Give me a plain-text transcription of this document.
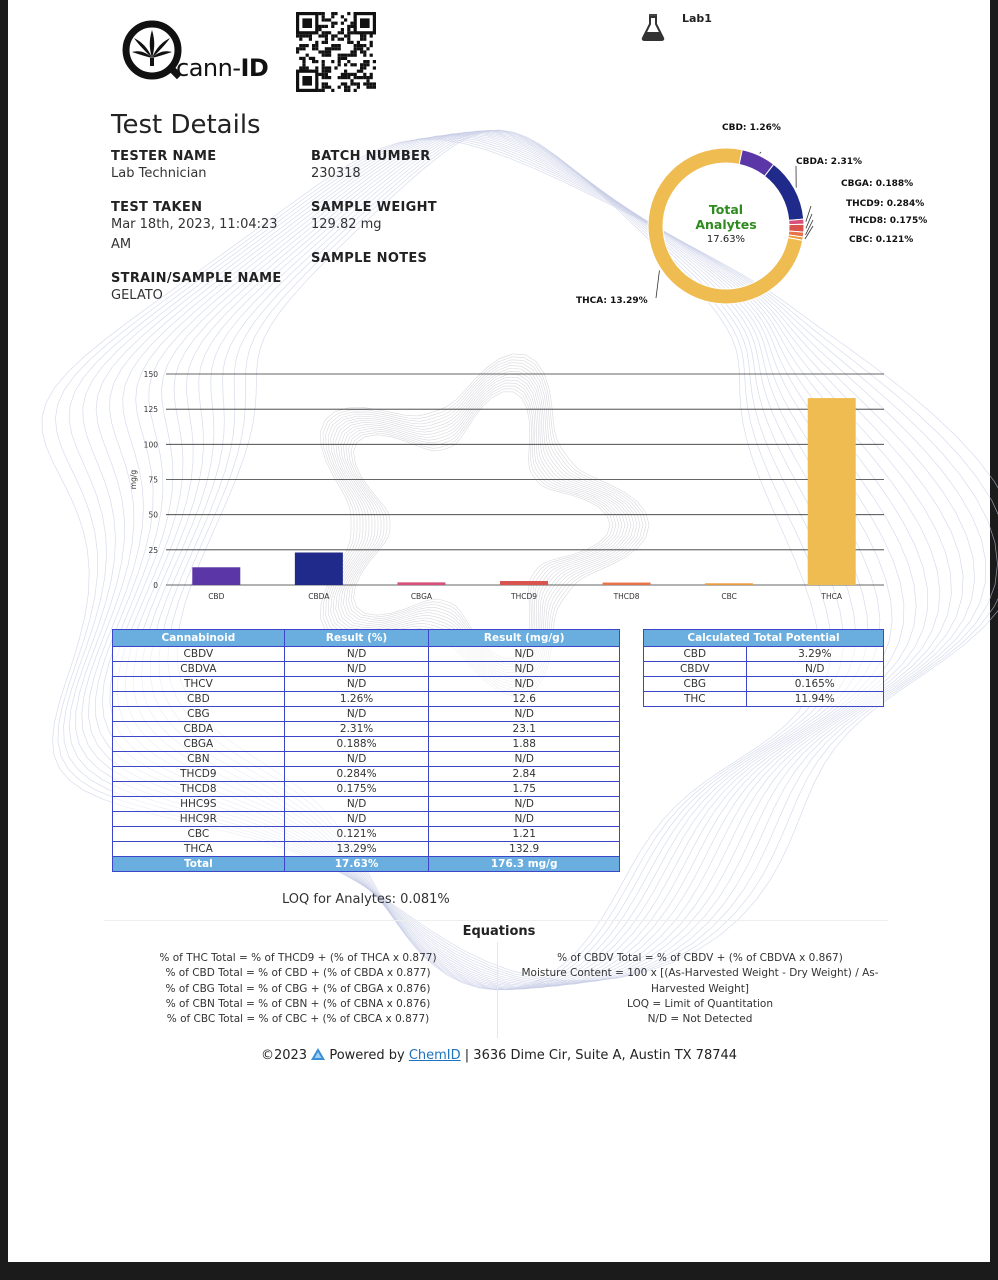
cann-ID
Lab1
Test Details
TESTER NAME
Lab Technician
BATCH NUMBER
230318
TEST TAKEN
Mar 18th, 2023, 11:04:23 AM
SAMPLE WEIGHT
129.82 mg
STRAIN/SAMPLE NAME
GELATO
SAMPLE NOTES
Total Analytes
17.63%
CBD: 1.26%
CBDA: 2.31%
CBGA: 0.188%
THCD9: 0.284%
THCD8: 0.175%
CBC: 0.121%
THCA: 13.29%
0
25
50
75
100
125
150
mg/g
CBD	CBDA	CBGA	THCD9	THCD8	CBC	THCA
Cannabinoid	Result (%)	Result (mg/g)
CBDV	N/D	N/D
CBDVA	N/D	N/D
THCV	N/D	N/D
CBD	1.26%	12.6
CBG	N/D	N/D
CBDA	2.31%	23.1
CBGA	0.188%	1.88
CBN	N/D	N/D
THCD9	0.284%	2.84
THCD8	0.175%	1.75
HHC9S	N/D	N/D
HHC9R	N/D	N/D
CBC	0.121%	1.21
THCA	13.29%	132.9
Total	17.63%	176.3 mg/g
Calculated Total Potential	
CBD	3.29%
CBDV	N/D
CBG	0.165%
THC	11.94%
LOQ for Analytes: 0.081%
Equations
% of THC Total = % of THCD9 + (% of THCA x 0.877)
% of CBD Total = % of CBD + (% of CBDA x 0.877)
% of CBG Total = % of CBG + (% of CBGA x 0.876)
% of CBN Total = % of CBN + (% of CBNA x 0.876)
% of CBC Total = % of CBC + (% of CBCA x 0.877)
% of CBDV Total = % of CBDV + (% of CBDVA x 0.867)
Moisture Content = 100 x [(As-Harvested Weight - Dry Weight) / As-Harvested Weight]
LOQ = Limit of Quantitation
N/D = Not Detected
©2023 Powered by ChemID | 3636 Dime Cir, Suite A, Austin TX 78744
